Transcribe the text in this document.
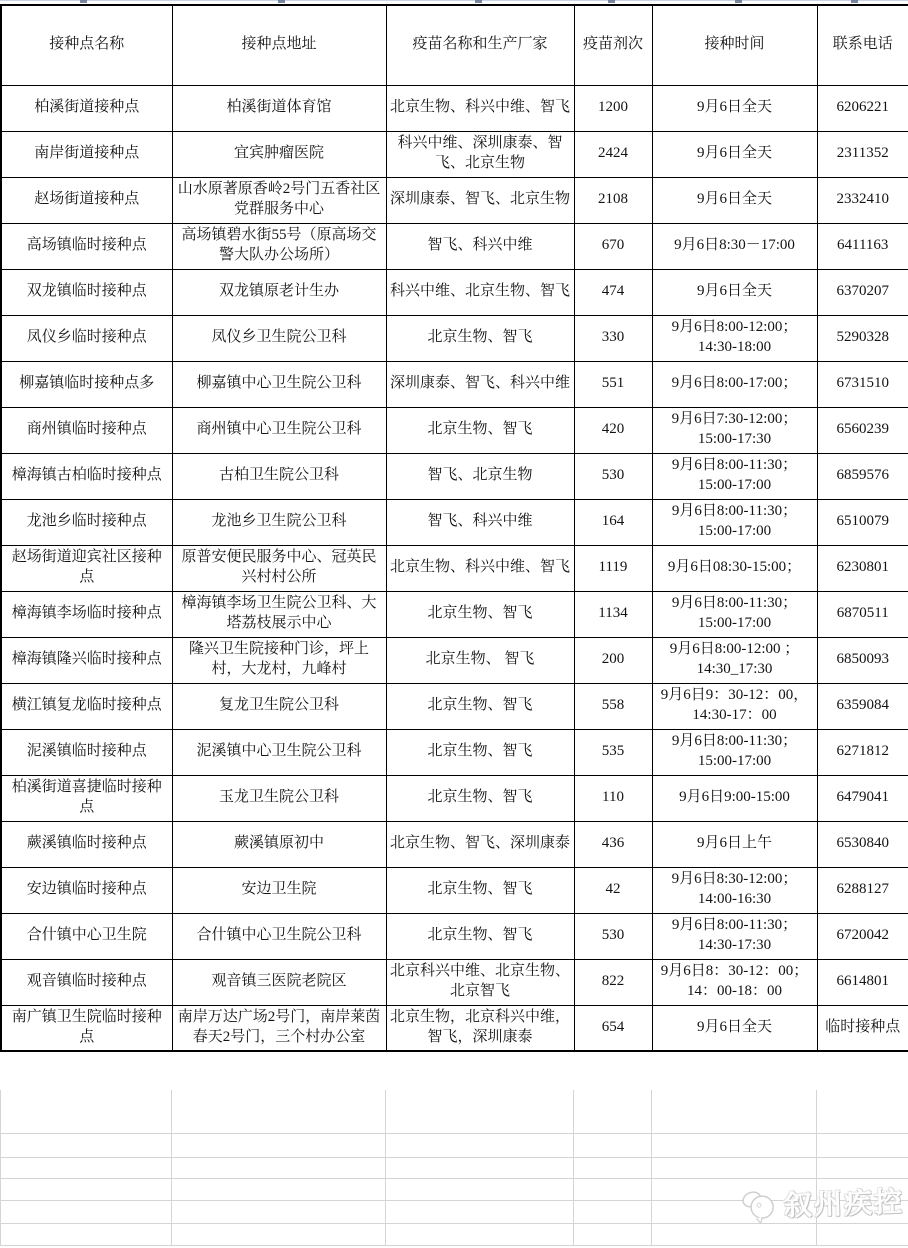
接种点名称	接种点地址	疫苗名称和生产厂家	疫苗剂次	接种时间	联系电话
柏溪街道接种点	柏溪街道体育馆	北京生物、科兴中维、智飞	1200	9月6日全天	6206221
南岸街道接种点	宜宾肿瘤医院	科兴中维、深圳康泰、智飞、北京生物	2424	9月6日全天	2311352
赵场街道接种点	山水原著原香岭2号门五香社区党群服务中心	深圳康泰、智飞、北京生物	2108	9月6日全天	2332410
高场镇临时接种点	高场镇碧水街55号（原高场交警大队办公场所）	智飞、科兴中维	670	9月6日8:30－17:00	6411163
双龙镇临时接种点	双龙镇原老计生办	科兴中维、北京生物、智飞	474	9月6日全天	6370207
凤仪乡临时接种点	凤仪乡卫生院公卫科	北京生物、智飞	330	9月6日8:00-12:00；14:30-18:00	5290328
柳嘉镇临时接种点多	柳嘉镇中心卫生院公卫科	深圳康泰、智飞、科兴中维	551	9月6日8:00-17:00；	6731510
商州镇临时接种点	商州镇中心卫生院公卫科	北京生物、智飞	420	9月6日7:30-12:00；15:00-17:30	6560239
樟海镇古柏临时接种点	古柏卫生院公卫科	智飞、北京生物	530	9月6日8:00-11:30；15:00-17:00	6859576
龙池乡临时接种点	龙池乡卫生院公卫科	智飞、科兴中维	164	9月6日8:00-11:30；15:00-17:00	6510079
赵场街道迎宾社区接种点	原普安便民服务中心、冠英民兴村村公所	北京生物、科兴中维、智飞	1119	9月6日08:30-15:00；	6230801
樟海镇李场临时接种点	樟海镇李场卫生院公卫科、大塔荔枝展示中心	北京生物、智飞	1134	9月6日8:00-11:30；15:00-17:00	6870511
樟海镇隆兴临时接种点	隆兴卫生院接种门诊，坪上村，大龙村，九峰村	北京生物、 智飞	200	9月6日8:00-12:00 ；14:30_17:30	6850093
横江镇复龙临时接种点	复龙卫生院公卫科	北京生物、智飞	558	9月6日9：30-12：00，14:30-17：00	6359084
泥溪镇临时接种点	泥溪镇中心卫生院公卫科	北京生物、智飞	535	9月6日8:00-11:30；15:00-17:00	6271812
柏溪街道喜捷临时接种点	玉龙卫生院公卫科	北京生物、智飞	110	9月6日9:00-15:00	6479041
蕨溪镇临时接种点	蕨溪镇原初中	北京生物、智飞、深圳康泰	436	9月6日上午	6530840
安边镇临时接种点	安边卫生院	北京生物、智飞	42	9月6日8:30-12:00；14:00-16:30	6288127
合什镇中心卫生院	合什镇中心卫生院公卫科	北京生物、智飞	530	9月6日8:00-11:30；14:30-17:30	6720042
观音镇临时接种点	观音镇三医院老院区	北京科兴中维、北京生物、北京智飞	822	9月6日8：30-12：00；14：00-18：00	6614801
南广镇卫生院临时接种点	南岸万达广场2号门，南岸莱茵春天2号门，三个村办公室	北京生物，北京科兴中维，智飞，深圳康泰	654	9月6日全天	临时接种点

叙州疾控
